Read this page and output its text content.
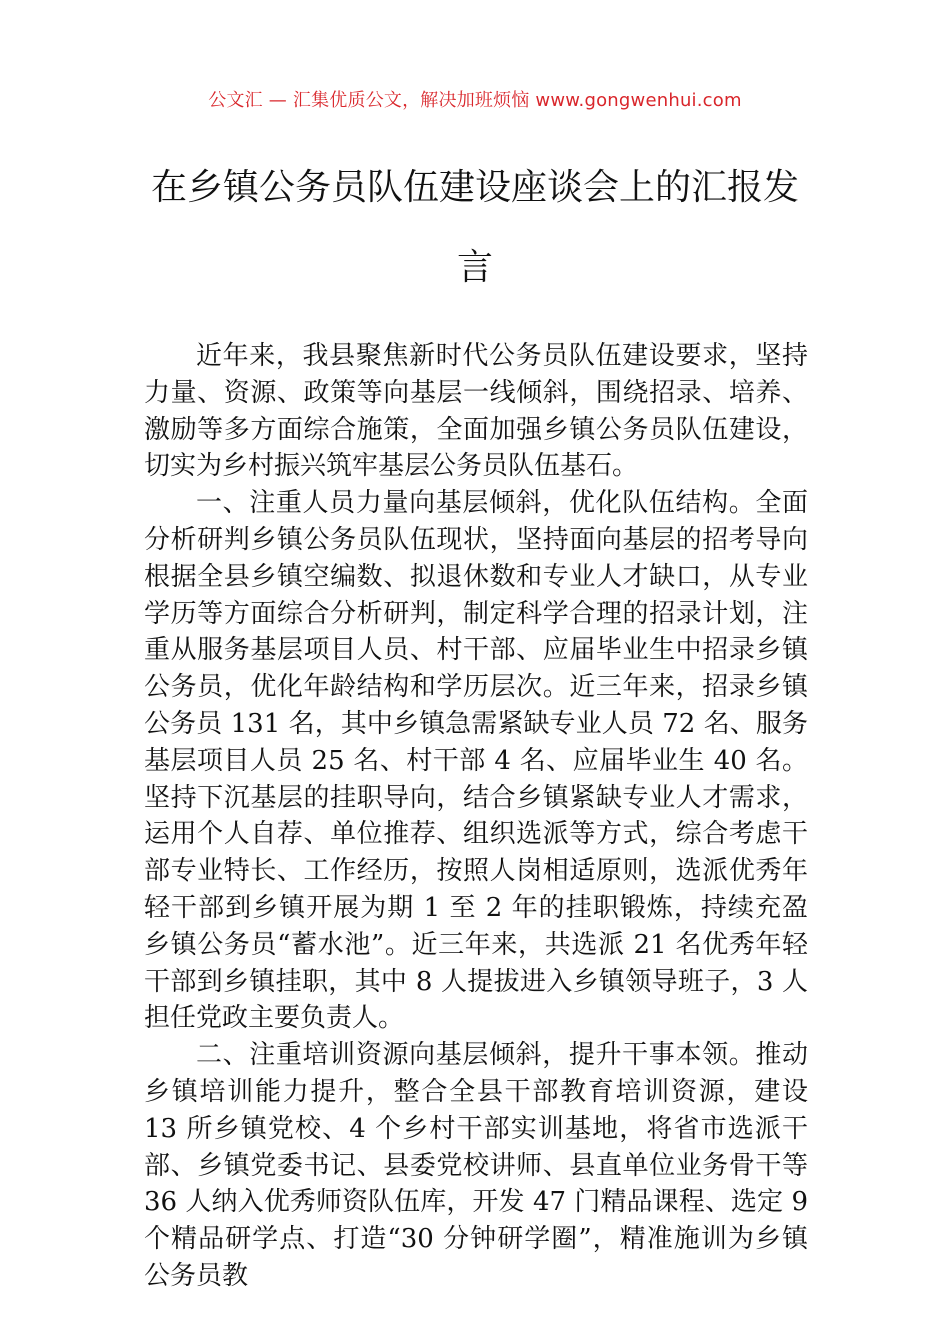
公文汇 — 汇集优质公文，解决加班烦恼 www.gongwenhui.com
在乡镇公务员队伍建设座谈会上的汇报发言

近年来，我县聚焦新时代公务员队伍建设要求，坚持力量、资源、政策等向基层一线倾斜，围绕招录、培养、激励等多方面综合施策，全面加强乡镇公务员队伍建设，切实为乡村振兴筑牢基层公务员队伍基石。

一、注重人员力量向基层倾斜，优化队伍结构。全面分析研判乡镇公务员队伍现状，坚持面向基层的招考导向根据全县乡镇空编数、拟退休数和专业人才缺口，从专业学历等方面综合分析研判，制定科学合理的招录计划，注重从服务基层项目人员、村干部、应届毕业生中招录乡镇公务员，优化年龄结构和学历层次。近三年来，招录乡镇公务员 131 名，其中乡镇急需紧缺专业人员 72 名、服务基层项目人员 25 名、村干部 4 名、应届毕业生 40 名。坚持下沉基层的挂职导向，结合乡镇紧缺专业人才需求，运用个人自荐、单位推荐、组织选派等方式，综合考虑干部专业特长、工作经历，按照人岗相适原则，选派优秀年轻干部到乡镇开展为期 1 至 2 年的挂职锻炼，持续充盈乡镇公务员“蓄水池”。近三年来，共选派 21 名优秀年轻干部到乡镇挂职，其中 8 人提拔进入乡镇领导班子，3 人担任党政主要负责人。

二、注重培训资源向基层倾斜，提升干事本领。推动乡镇培训能力提升，整合全县干部教育培训资源，建设 13 所乡镇党校、4 个乡村干部实训基地，将省市选派干部、乡镇党委书记、县委党校讲师、县直单位业务骨干等 36 人纳入优秀师资队伍库，开发 47 门精品课程、选定 9 个精品研学点、打造“30 分钟研学圈”，精准施训为乡镇公务员教
